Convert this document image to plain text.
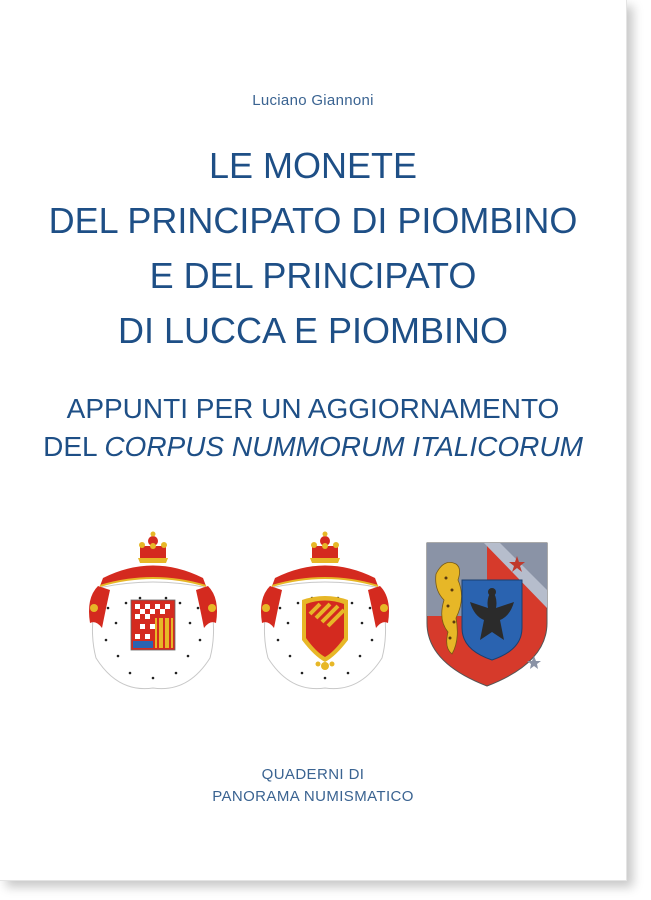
Luciano Giannoni
LE MONETE
DEL PRINCIPATO DI PIOMBINO
E DEL PRINCIPATO
DI LUCCA E PIOMBINO
APPUNTI PER UN AGGIORNAMENTO
DEL CORPUS NUMMORUM ITALICORUM
QUADERNI DI
PANORAMA NUMISMATICO
